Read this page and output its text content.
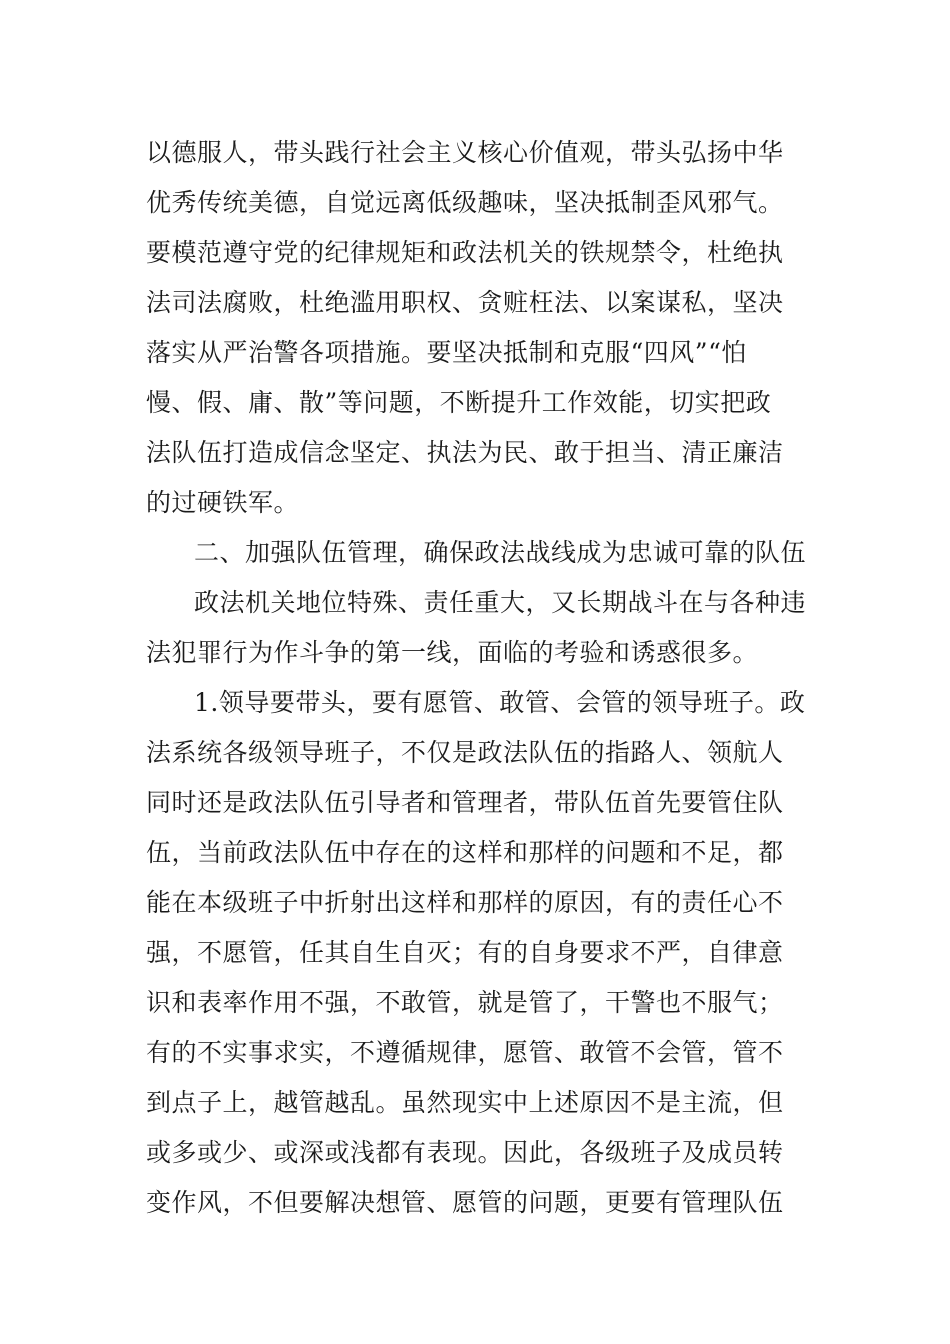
以德服人，带头践行社会主义核心价值观，带头弘扬中华
优秀传统美德，自觉远离低级趣味，坚决抵制歪风邪气。
要模范遵守党的纪律规矩和政法机关的铁规禁令，杜绝执
法司法腐败，杜绝滥用职权、贪赃枉法、以案谋私，坚决
落实从严治警各项措施。要坚决抵制和克服“四风”“怕
慢、假、庸、散”等问题，不断提升工作效能，切实把政
法队伍打造成信念坚定、执法为民、敢于担当、清正廉洁
的过硬铁军。
二、加强队伍管理，确保政法战线成为忠诚可靠的队伍
政法机关地位特殊、责任重大，又长期战斗在与各种违
法犯罪行为作斗争的第一线，面临的考验和诱惑很多。
1.领导要带头，要有愿管、敢管、会管的领导班子。政
法系统各级领导班子，不仅是政法队伍的指路人、领航人
同时还是政法队伍引导者和管理者，带队伍首先要管住队
伍，当前政法队伍中存在的这样和那样的问题和不足，都
能在本级班子中折射出这样和那样的原因，有的责任心不
强，不愿管，任其自生自灭；有的自身要求不严，自律意
识和表率作用不强，不敢管，就是管了，干警也不服气；
有的不实事求实，不遵循规律，愿管、敢管不会管，管不
到点子上，越管越乱。虽然现实中上述原因不是主流，但
或多或少、或深或浅都有表现。因此，各级班子及成员转
变作风，不但要解决想管、愿管的问题，更要有管理队伍
